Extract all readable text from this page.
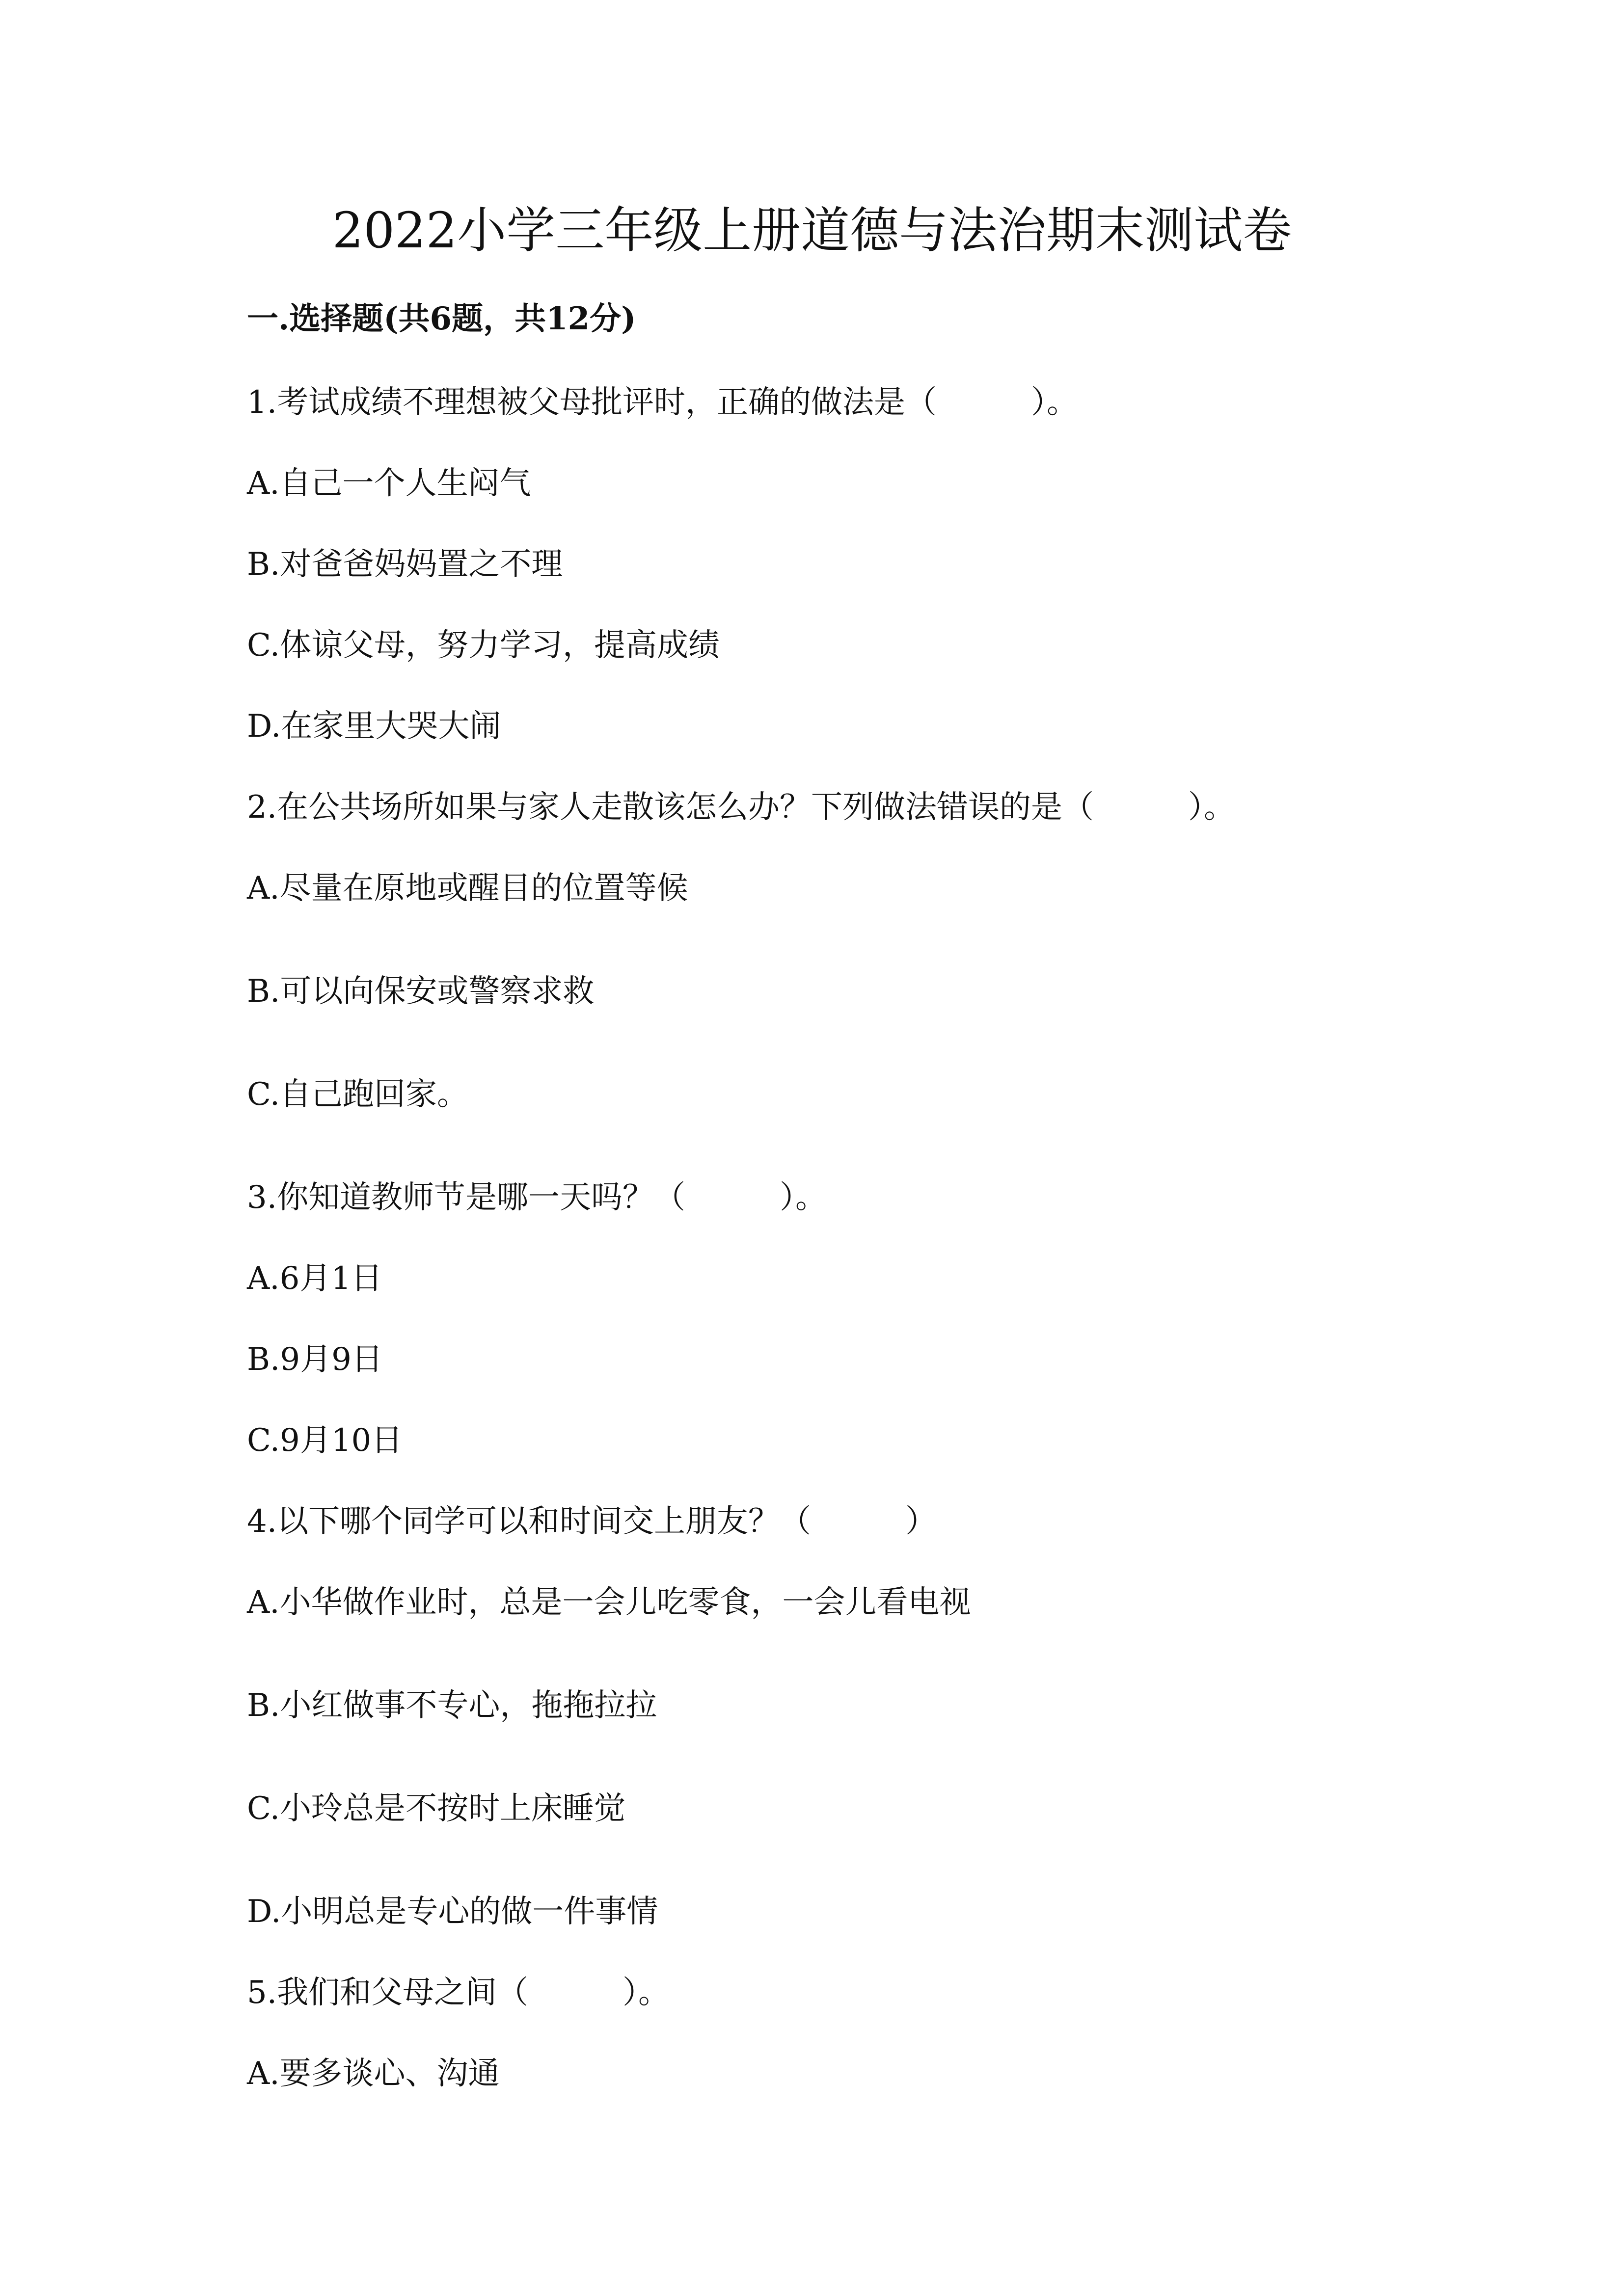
2022小学三年级上册道德与法治期末测试卷
一.选择题(共6题，共12分)
1.考试成绩不理想被父母批评时，正确的做法是（　　　）。
A.自己一个人生闷气
B.对爸爸妈妈置之不理
C.体谅父母，努力学习，提高成绩
D.在家里大哭大闹
2.在公共场所如果与家人走散该怎么办？下列做法错误的是（　　　）。
A.尽量在原地或醒目的位置等候
B.可以向保安或警察求救
C.自己跑回家。
3.你知道教师节是哪一天吗？（　　　）。
A.6月1日
B.9月9日
C.9月10日
4.以下哪个同学可以和时间交上朋友？（　　　）
A.小华做作业时，总是一会儿吃零食，一会儿看电视
B.小红做事不专心，拖拖拉拉
C.小玲总是不按时上床睡觉
D.小明总是专心的做一件事情
5.我们和父母之间（　　　）。
A.要多谈心、沟通
